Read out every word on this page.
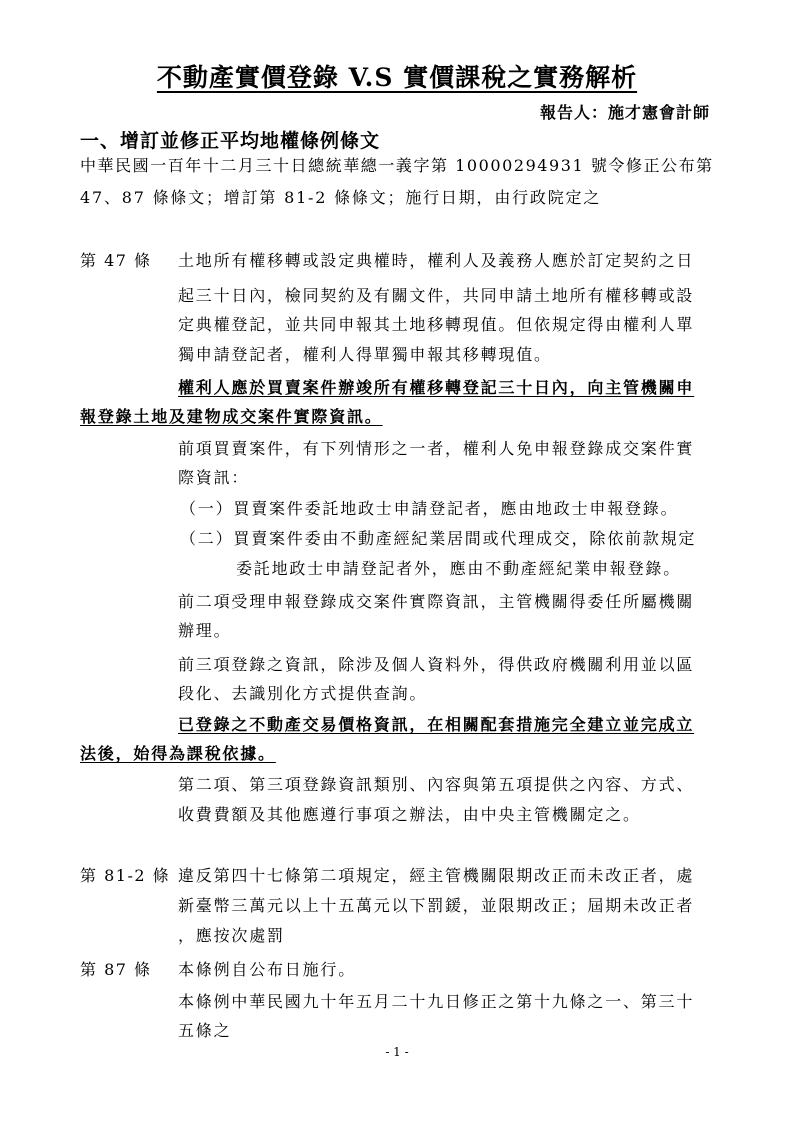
不動產實價登錄 V.S 實價課稅之實務解析
報告人：施才憲會計師
一、增訂並修正平均地權條例條文
中華民國一百年十二月三十日總統華總一義字第 10000294931 號令修正公布第
47、87 條條文；增訂第 81-2 條條文；施行日期，由行政院定之
第 47 條 土地所有權移轉或設定典權時，權利人及義務人應於訂定契約之日
起三十日內，檢同契約及有關文件，共同申請土地所有權移轉或設
定典權登記，並共同申報其土地移轉現值。但依規定得由權利人單
獨申請登記者，權利人得單獨申報其移轉現值。
權利人應於買賣案件辦竣所有權移轉登記三十日內，向主管機關申
報登錄土地及建物成交案件實際資訊。
前項買賣案件，有下列情形之一者，權利人免申報登錄成交案件實
際資訊：
（一）買賣案件委託地政士申請登記者，應由地政士申報登錄。
（二）買賣案件委由不動產經紀業居間或代理成交，除依前款規定
委託地政士申請登記者外，應由不動產經紀業申報登錄。
前二項受理申報登錄成交案件實際資訊，主管機關得委任所屬機關
辦理。
前三項登錄之資訊，除涉及個人資料外，得供政府機關利用並以區
段化、去識別化方式提供查詢。
已登錄之不動產交易價格資訊，在相關配套措施完全建立並完成立
法後，始得為課稅依據。
第二項、第三項登錄資訊類別、內容與第五項提供之內容、方式、
收費費額及其他應遵行事項之辦法，由中央主管機關定之。
第 81-2 條 違反第四十七條第二項規定，經主管機關限期改正而未改正者，處
新臺幣三萬元以上十五萬元以下罰鍰，並限期改正；屆期未改正者
，應按次處罰
第 87 條 本條例自公布日施行。
本條例中華民國九十年五月二十九日修正之第十九條之一、第三十
五條之
- 1 -
